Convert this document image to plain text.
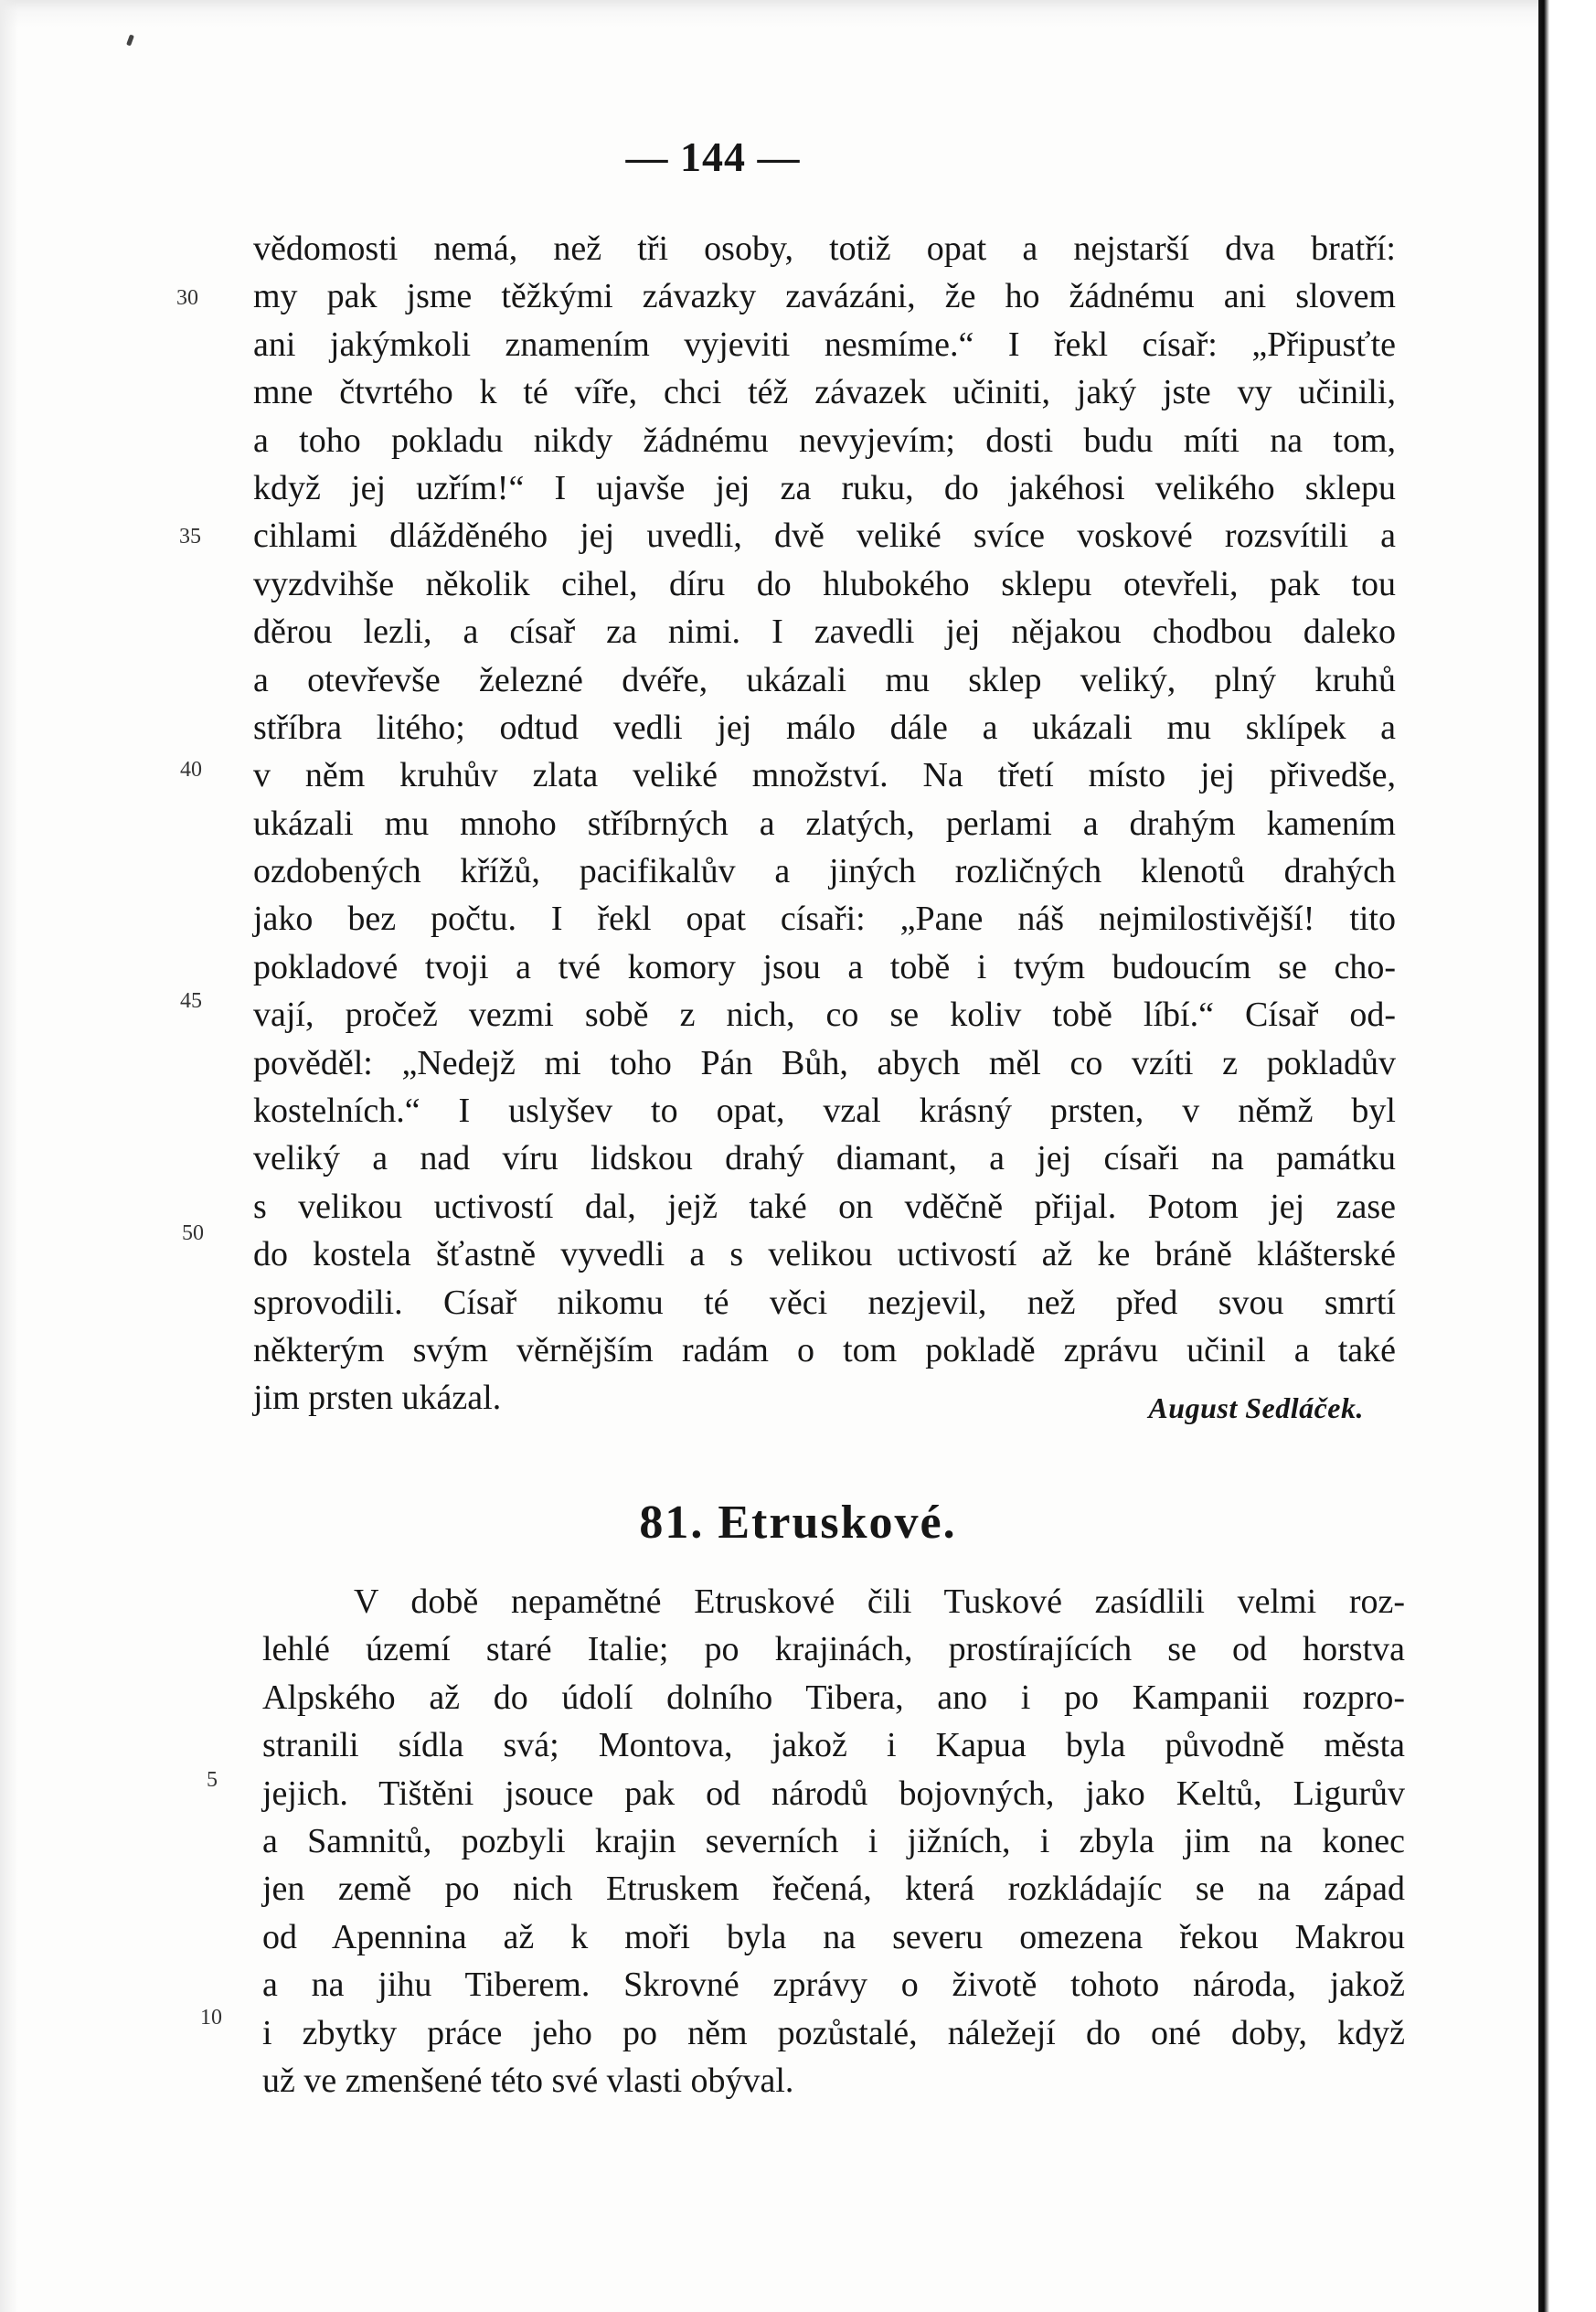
— 144 —
vědomosti nemá, než tři osoby, totiž opat a nejstarší dva bratří:
my pak jsme těžkými závazky zavázáni, že ho žádnému ani slovem
ani jakýmkoli znamením vyjeviti nesmíme.“ I řekl císař: „Připusťte
mne čtvrtého k té víře, chci též závazek učiniti, jaký jste vy učinili,
a toho pokladu nikdy žádnému nevyjevím; dosti budu míti na tom,
když jej uzřím!“ I ujavše jej za ruku, do jakéhosi velikého sklepu
cihlami dlážděného jej uvedli, dvě veliké svíce voskové rozsvítili a
vyzdvihše několik cihel, díru do hlubokého sklepu otevřeli, pak tou
děrou lezli, a císař za nimi. I zavedli jej nějakou chodbou daleko
a otevřevše železné dvéře, ukázali mu sklep veliký, plný kruhů
stříbra litého; odtud vedli jej málo dále a ukázali mu sklípek a
v něm kruhův zlata veliké množství. Na třetí místo jej přivedše,
ukázali mu mnoho stříbrných a zlatých, perlami a drahým kamením
ozdobených křížů, pacifikalův a jiných rozličných klenotů drahých
jako bez počtu. I řekl opat císaři: „Pane náš nejmilostivější! tito
pokladové tvoji a tvé komory jsou a tobě i tvým budoucím se cho-
vají, pročež vezmi sobě z nich, co se koliv tobě líbí.“ Císař od-
pověděl: „Nedejž mi toho Pán Bůh, abych měl co vzíti z pokladův
kostelních.“ I uslyšev to opat, vzal krásný prsten, v němž byl
veliký a nad víru lidskou drahý diamant, a jej císaři na památku
s velikou uctivostí dal, jejž také on vděčně přijal. Potom jej zase
do kostela šťastně vyvedli a s velikou uctivostí až ke bráně klášterské
sprovodili. Císař nikomu té věci nezjevil, než před svou smrtí
některým svým věrnějším radám o tom pokladě zprávu učinil a také
jim prsten ukázal.	August Sedláček.
81. Etruskové.
V době nepamětné Etruskové čili Tuskové zasídlili velmi roz-
lehlé území staré Italie; po krajinách, prostírajících se od horstva
Alpského až do údolí dolního Tibera, ano i po Kampanii rozpro-
stranili sídla svá; Montova, jakož i Kapua byla původně města
jejich. Tištěni jsouce pak od národů bojovných, jako Keltů, Ligurův
a Samnitů, pozbyli krajin severních i jižních, i zbyla jim na konec
jen země po nich Etruskem řečená, která rozkládajíc se na západ
od Apennina až k moři byla na severu omezena řekou Makrou
a na jihu Tiberem. Skrovné zprávy o životě tohoto národa, jakož
i zbytky práce jeho po něm pozůstalé, náležejí do oné doby, když
už ve zmenšené této své vlasti obýval.
30
35
40
45
50
5
10
